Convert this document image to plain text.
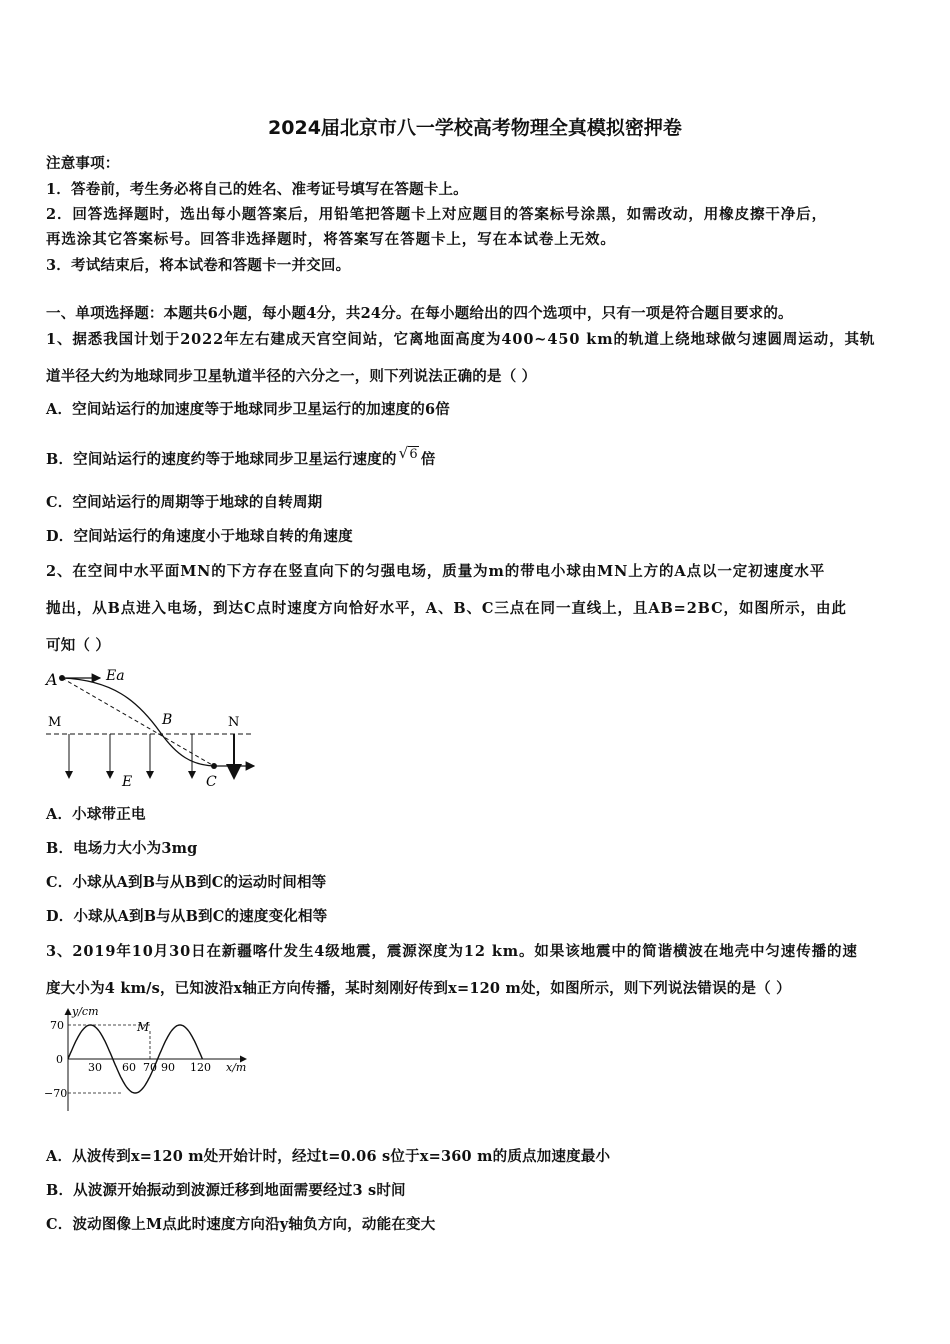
2024届北京市八一学校高考物理全真模拟密押卷
注意事项：
1．答卷前，考生务必将自己的姓名、准考证号填写在答题卡上。
2．回答选择题时，选出每小题答案后，用铅笔把答题卡上对应题目的答案标号涂黑，如需改动，用橡皮擦干净后，
再选涂其它答案标号。回答非选择题时，将答案写在答题卡上，写在本试卷上无效。
3．考试结束后，将本试卷和答题卡一并交回。
一、单项选择题：本题共6小题，每小题4分，共24分。在每小题给出的四个选项中，只有一项是符合题目要求的。
1、据悉我国计划于2022年左右建成天宫空间站，它离地面高度为400~450 km的轨道上绕地球做匀速圆周运动，其轨
道半径大约为地球同步卫星轨道半径的六分之一，则下列说法正确的是（ ）
A．空间站运行的加速度等于地球同步卫星运行的加速度的6倍
B．空间站运行的速度约等于地球同步卫星运行速度的 √6 倍
C．空间站运行的周期等于地球的自转周期
D．空间站运行的角速度小于地球自转的角速度
2、在空间中水平面MN的下方存在竖直向下的匀强电场，质量为m的带电小球由MN上方的A点以一定初速度水平
抛出，从B点进入电场，到达C点时速度方向恰好水平，A、B、C三点在同一直线上，且AB=2BC，如图所示，由此
可知（ ）
A	Ea
M	B	N
E	C
A．小球带正电
B．电场力大小为3mg
C．小球从A到B与从B到C的运动时间相等
D．小球从A到B与从B到C的速度变化相等
3、2019年10月30日在新疆喀什发生4级地震，震源深度为12 km。如果该地震中的简谐横波在地壳中匀速传播的速
度大小为4 km/s，已知波沿x轴正方向传播，某时刻刚好传到x=120 m处，如图所示，则下列说法错误的是（ ）
y/cm
x/m
70
0
−70
30 60 70 90 120
M
A．从波传到x=120 m处开始计时，经过t=0.06 s位于x=360 m的质点加速度最小
B．从波源开始振动到波源迁移到地面需要经过3 s时间
C．波动图像上M点此时速度方向沿y轴负方向，动能在变大
